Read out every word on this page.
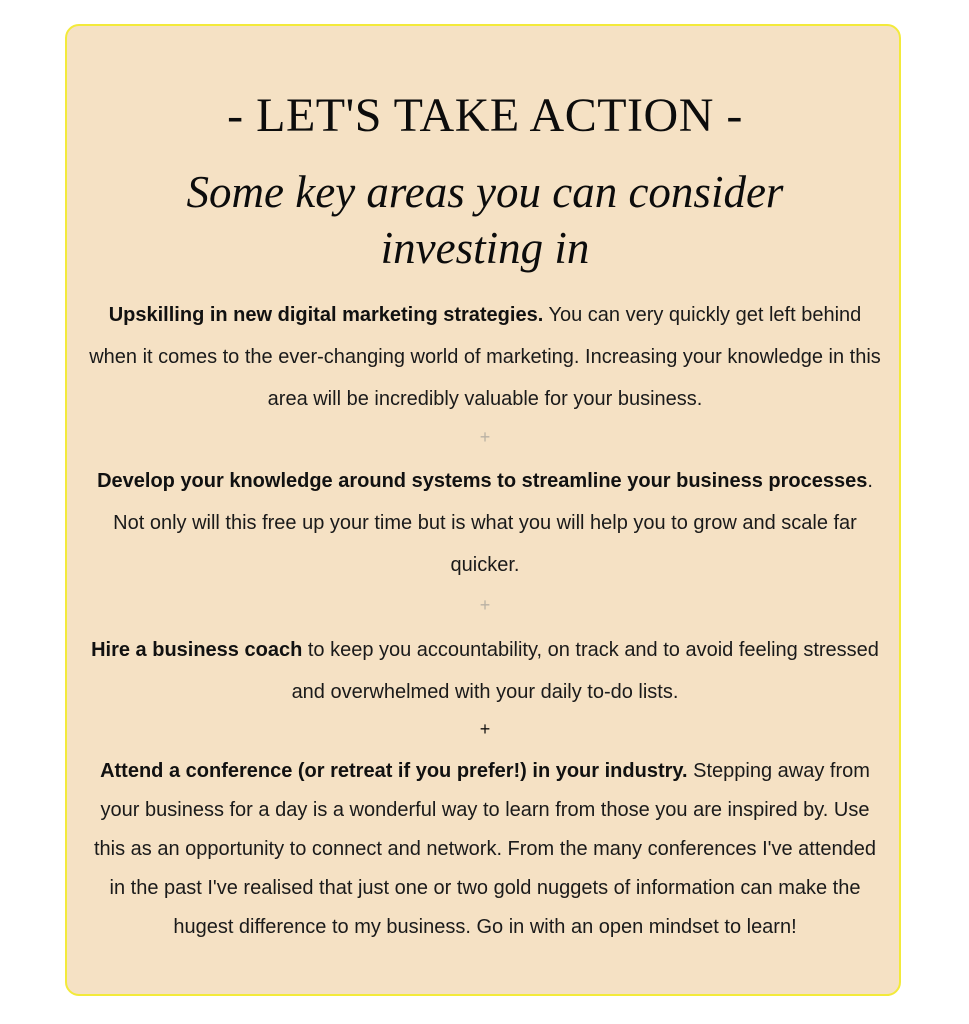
- LET'S TAKE ACTION -
Some key areas you can consider investing in

Upskilling in new digital marketing strategies. You can very quickly get left behind when it comes to the ever-changing world of marketing. Increasing your knowledge in this area will be incredibly valuable for your business.

+

Develop your knowledge around systems to streamline your business processes. Not only will this free up your time but is what you will help you to grow and scale far quicker.

+

Hire a business coach to keep you accountability, on track and to avoid feeling stressed and overwhelmed with your daily to-do lists.

+

Attend a conference (or retreat if you prefer!) in your industry. Stepping away from your business for a day is a wonderful way to learn from those you are inspired by. Use this as an opportunity to connect and network. From the many conferences I've attended in the past I've realised that just one or two gold nuggets of information can make the hugest difference to my business. Go in with an open mindset to learn!
